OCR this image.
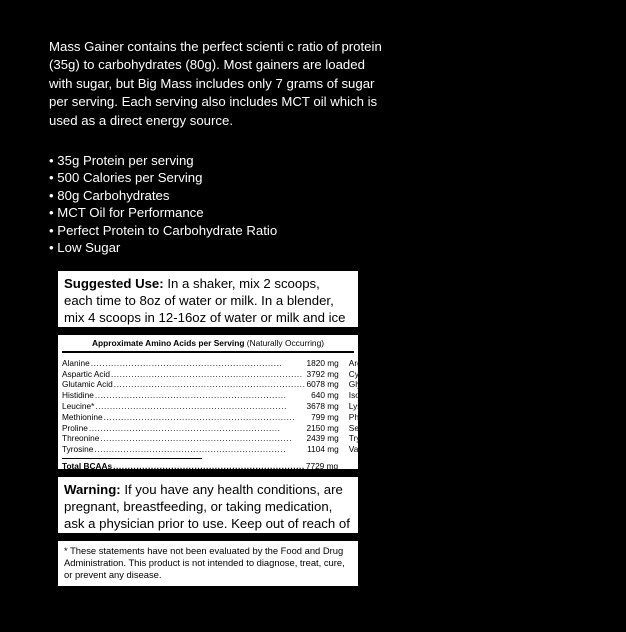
Mass Gainer contains the perfect scienti c ratio of protein (35g) to carbohydrates (80g). Most gainers are loaded with sugar, but Big Mass includes only 7 grams of sugar per serving. Each serving also includes MCT oil which is used as a direct energy source.

• 35g Protein per serving
• 500 Calories per Serving
• 80g Carbohydrates
• MCT Oil for Performance
• Perfect Protein to Carbohydrate Ratio
• Low Sugar
Suggested Use: In a shaker, mix 2 scoops, each time to 8oz of water or milk. In a blender, mix 4 scoops in 12-16oz of water or milk and ice
Approximate Amino Acids per Serving (Naturally Occurring)
Alanine .....	1820 mg
Aspartic Acid .....	3792 mg
Glutamic Acid .....	6078 mg
Histidine .....	640 mg
Leucine* .....	3678 mg
Methionine .....	799 mg
Proline .....	2150 mg
Threonine .....	2439 mg
Tyrosine .....	1104 mg
Arginine .....	1008 mg
Cystine .....	850 mg
Glycine .....	660 mg
Isoleucine* .....	2145 mg
Lysine .....	3604 mg
Phenylalanine .....	1148 mg
Serine .....	1862 mg
Tryptophan .....	628 mg
Valine* .....	1906 mg
Total BCAAs .....	7729 mg
Warning: If you have any health conditions, are pregnant, breastfeeding, or taking medication, ask a physician prior to use. Keep out of reach of
* These statements have not been evaluated by the Food and Drug Administration. This product is not intended to diagnose, treat, cure, or prevent any disease.
